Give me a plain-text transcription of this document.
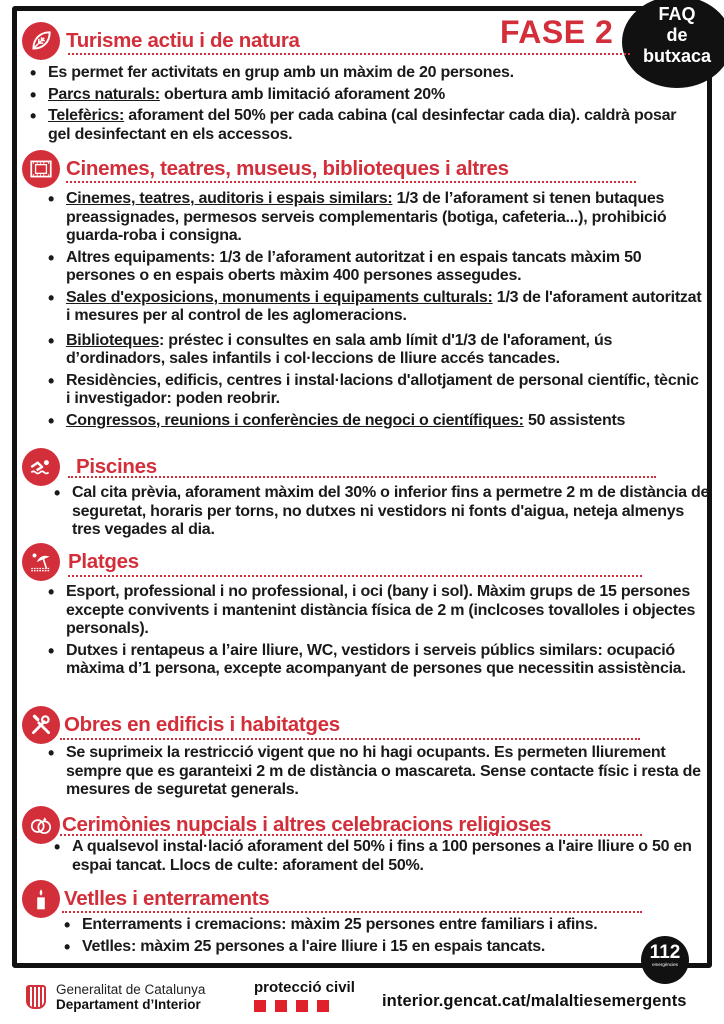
FASE 2	FAQ
de
butxaca
Turisme actiu i de natura
• Es permet fer activitats en grup amb un màxim de 20 persones.
• Parcs naturals: obertura amb limitació aforament 20%
• Telefèrics: aforament del 50% per cada cabina (cal desinfectar cada dia). caldrà posar gel desinfectant en els accessos.
Cinemes, teatres, museus, biblioteques i altres
• Cinemes, teatres, auditoris i espais similars: 1/3 de l’aforament si tenen butaques preassignades, permesos serveis complementaris (botiga, cafeteria...), prohibició guarda-roba i consigna.
• Altres equipaments: 1/3 de l’aforament autoritzat i en espais tancats màxim 50 persones o en espais oberts màxim 400 persones assegudes.
• Sales d'exposicions, monuments i equipaments culturals: 1/3 de l'aforament autoritzat i mesures per al control de les aglomeracions.
• Biblioteques: préstec i consultes en sala amb límit d'1/3 de l'aforament, ús d’ordinadors, sales infantils i col·leccions de lliure accés tancades.
• Residències, edificis, centres i instal·lacions d'allotjament de personal científic, tècnic i investigador: poden reobrir.
• Congressos, reunions i conferències de negoci o científiques: 50 assistents
Piscines
• Cal cita prèvia, aforament màxim del 30% o inferior fins a permetre 2 m de distància de seguretat, horaris per torns, no dutxes ni vestidors ni fonts d'aigua, neteja almenys tres vegades al dia.
Platges
• Esport, professional i no professional, i oci (bany i sol). Màxim grups de 15 persones excepte convivents i mantenint distància física de 2 m (inclcoses tovalloles i objectes personals).
• Dutxes i rentapeus a l’aire lliure, WC, vestidors i serveis públics similars: ocupació màxima d’1 persona, excepte acompanyant de persones que necessitin assistència.
Obres en edificis i habitatges
• Se suprimeix la restricció vigent que no hi hagi ocupants. Es permeten lliurement sempre que es garanteixi 2 m de distància o mascareta. Sense contacte físic i resta de mesures de seguretat generals.
Cerimònies nupcials i altres celebracions religioses
• A qualsevol instal·lació aforament del 50% i fins a 100 persones a l'aire lliure o 50 en espai tancat. Llocs de culte: aforament del 50%.
Vetlles i enterraments
• Enterraments i cremacions: màxim 25 persones entre familiars i afins.
• Vetlles: màxim 25 persones a l'aire lliure i 15 en espais tancats.	112
emergències
Generalitat de Catalunya
Departament d’Interior
protecció civil
interior.gencat.cat/malaltiesemergents
